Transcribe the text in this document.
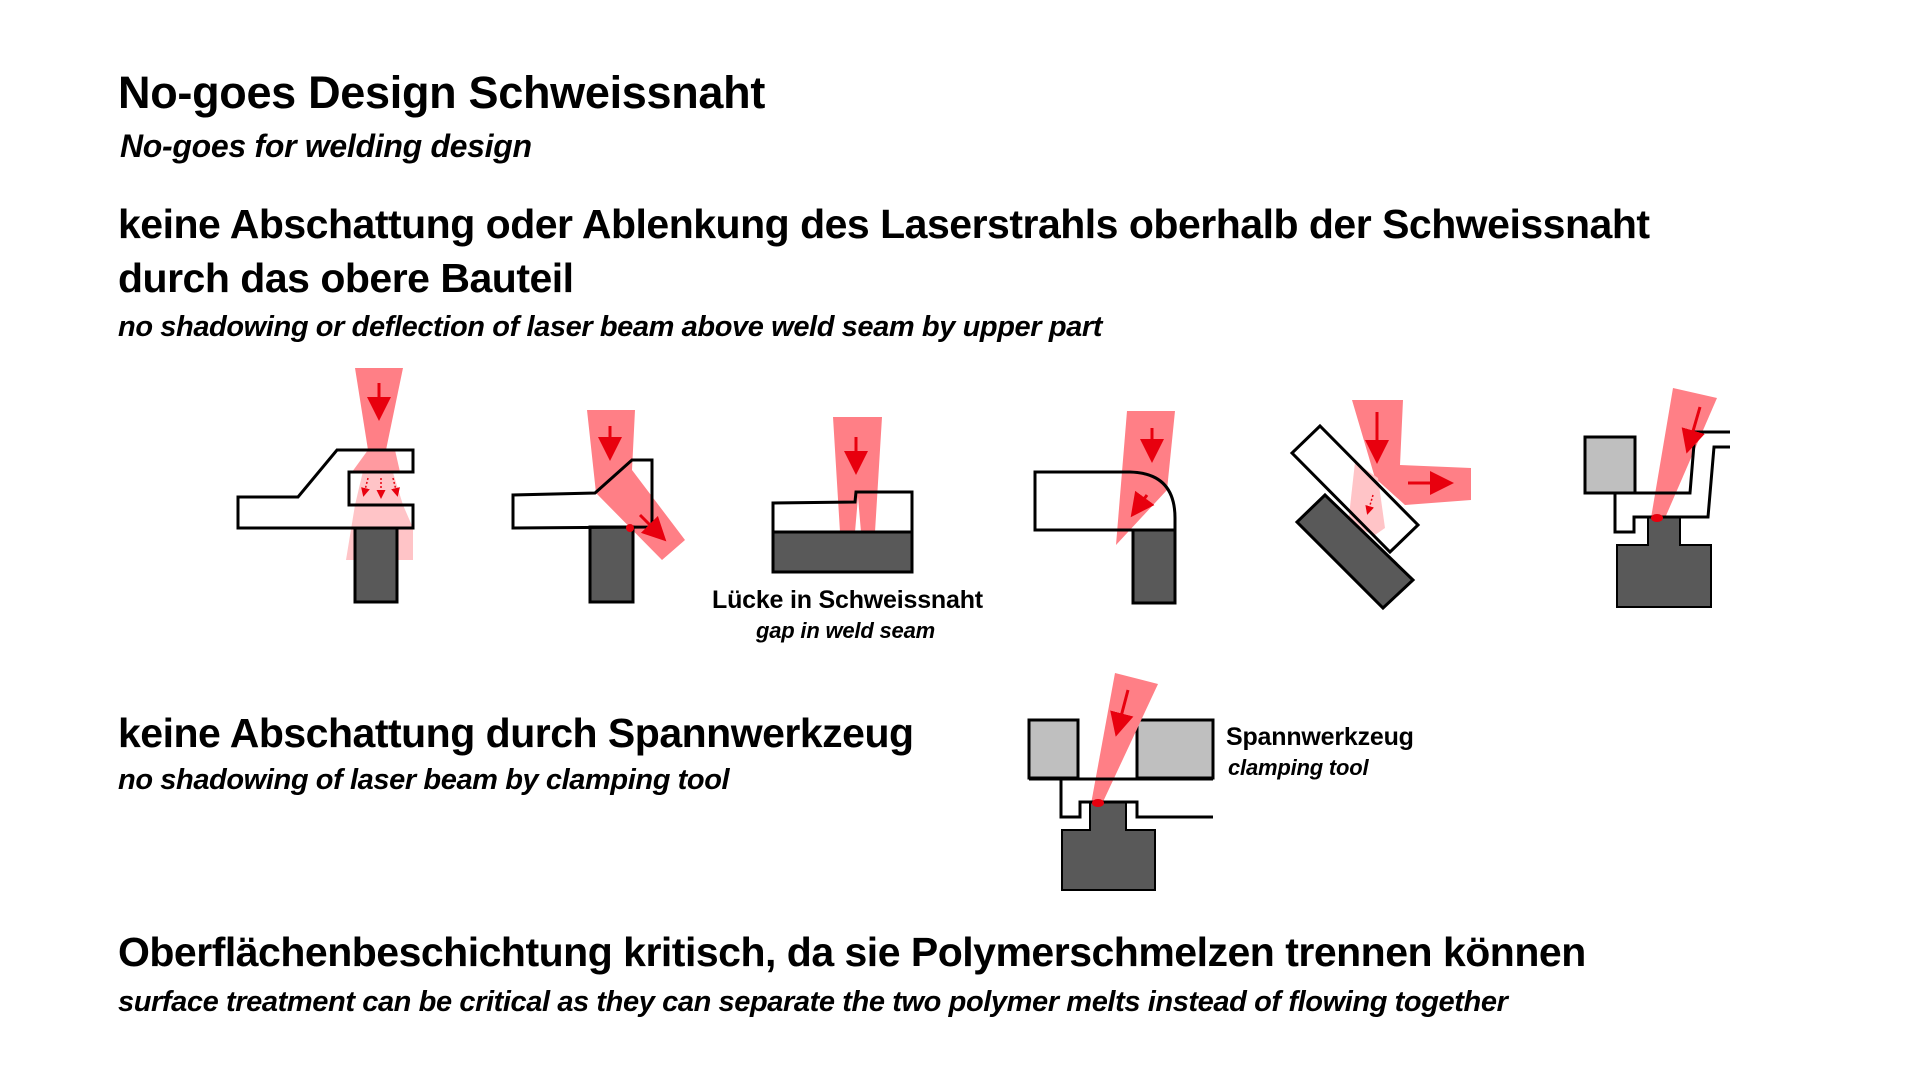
No-goes Design Schweissnaht
No-goes for welding design
keine Abschattung oder Ablenkung des Laserstrahls oberhalb der Schweissnaht
durch das obere Bauteil
no shadowing or deflection of laser beam above weld seam by upper part
Lücke in Schweissnaht
gap in weld seam
keine Abschattung durch Spannwerkzeug
no shadowing of laser beam by clamping tool
Spannwerkzeug
clamping tool
Oberflächenbeschichtung kritisch, da sie Polymerschmelzen trennen können
surface treatment can be critical as they can separate the two polymer melts instead of flowing together
